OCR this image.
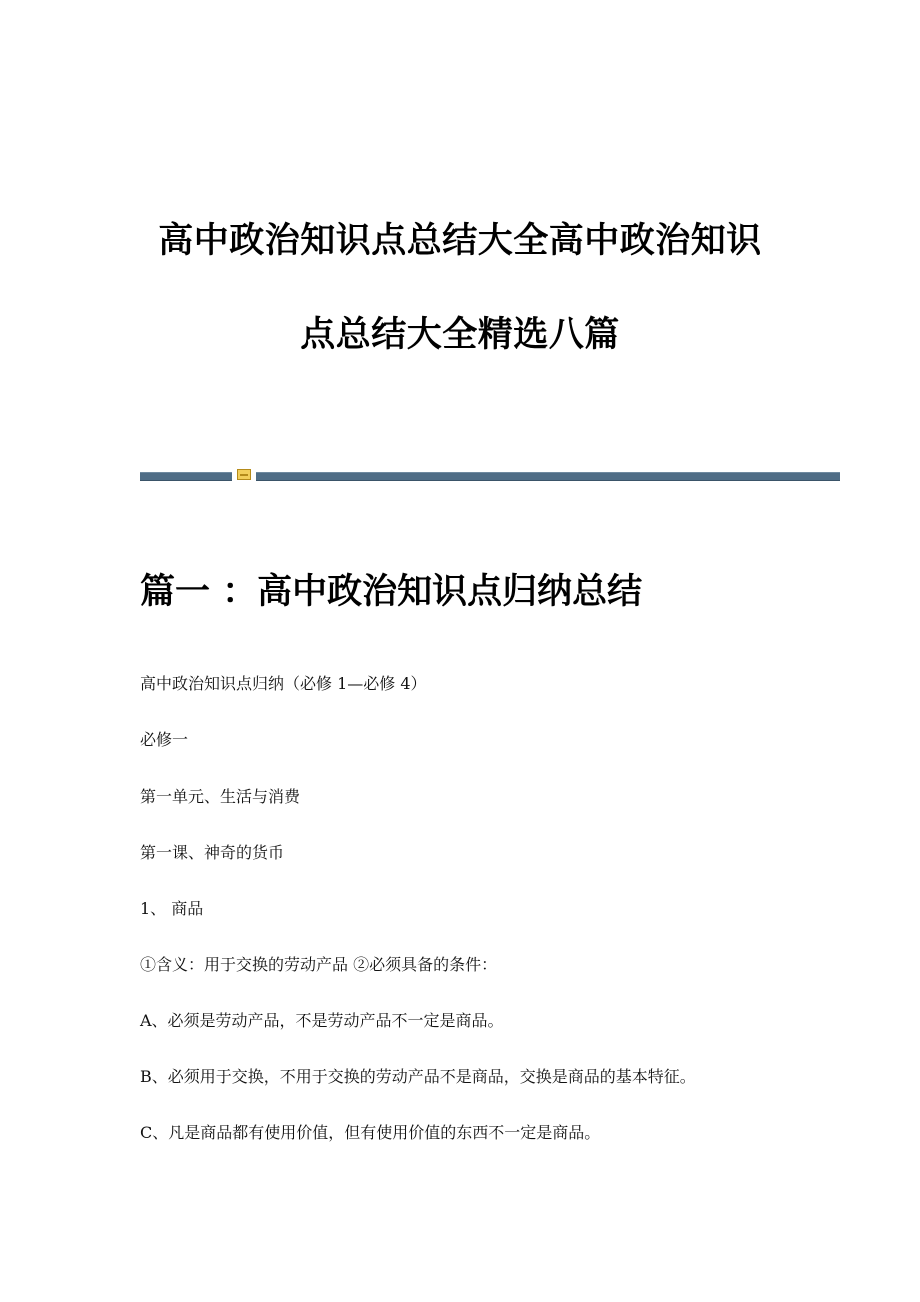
高中政治知识点总结大全高中政治知识
点总结大全精选八篇
篇一 ：高中政治知识点归纳总结
高中政治知识点归纳（必修 1—必修 4）
必修一
第一单元、生活与消费
第一课、神奇的货币
1、 商品
①含义：用于交换的劳动产品 ②必须具备的条件：
A、必须是劳动产品，不是劳动产品不一定是商品。
B、必须用于交换，不用于交换的劳动产品不是商品，交换是商品的基本特征。
C、凡是商品都有使用价值，但有使用价值的东西不一定是商品。
